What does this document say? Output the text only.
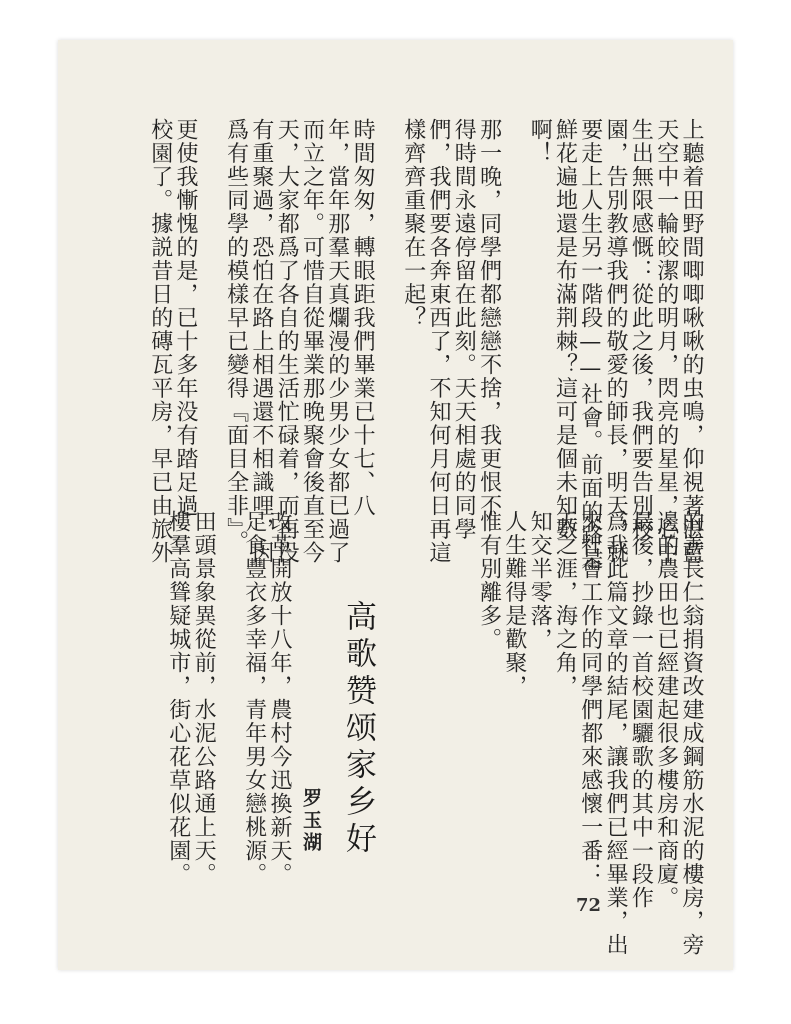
上聽着田野間唧唧啾啾的虫鳴，仰視著湛藍
天空中一輪皎潔的明月，閃亮的星星，心中
生出無限感慨：從此之後，我們要告別校
園，告別教導我們的敬愛的師長，明天，就
要走上人生另一階段——社會。前面的路是
鮮花遍地還是布滿荆棘？這可是個未知數
啊！
那一晚，同學們都戀戀不捨，我更恨不
得時間永遠停留在此刻。天天相處的同學
們，我們要各奔東西了，不知何月何日再這
樣齊齊重聚在一起？
時間匆匆，轉眼距我們畢業已十七、八
年，當年那羣天真爛漫的少男少女都已過了
而立之年。可惜自從畢業那晚聚會後直至今
天，大家都爲了各自的生活忙碌着，而再没
有重聚過，恐怕在路上相遇還不相識哩，因
爲有些同學的模樣早已變得『面目全非』。
更使我慚愧的是，已十多年没有踏足過
校園了。據説昔日的磚瓦平房，早已由旅外
的善長仁翁捐資改建成鋼筋水泥的樓房，旁
邊的農田也已經建起很多樓房和商廈。
最後，抄錄一首校園驪歌的其中一段作
爲我此篇文章的結尾，讓我們已經畢業，出
來社會工作的同學們都來感懷一番：
天之涯，海之角，
知交半零落，
人生難得是歡聚，
惟有別離多。
高歌赞颂家乡好
罗玉湖
改革開放十八年，農村今迅換新天。
足食豐衣多幸福，青年男女戀桃源。
田頭景象異從前，水泥公路通上天。
樓羣高聳疑城市，街心花草似花園。
72
